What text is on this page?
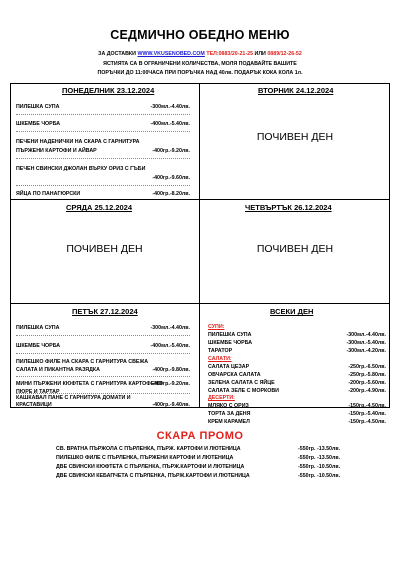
СЕДМИЧНО ОБЕДНО МЕНЮ
ЗА ДОСТАВКИ WWW.VKUSENOBED.COM ТЕЛ:0883/20-21-25 ИЛИ 0889/12-26-52
ЯСТИЯТА СА В ОГРАНИЧЕНИ КОЛИЧЕСТВА, МОЛЯ ПОДАВАЙТЕ ВАШИТЕ
ПОРЪЧКИ ДО 11:00ЧАСА ПРИ ПОРЪЧКА НАД 40лв. ПОДАРЪК КОКА КОЛА 1л.
ПОНЕДЕЛНИК 23.12.2024
ПИЛЕШКА СУПА	-300мл.-4.40лв.
ШКЕМБЕ ЧОРБА	-400мл.-5.40лв.
ПЕЧЕНИ НАДЕНИЧКИ НА СКАРА С ГАРНИТУРА
ПЪРЖЕНИ КАРТОФИ И АЙВАР	-400гр.-9.20лв.
ПЕЧЕН СВИНСКИ ДЖОЛАН ВЪРХУ ОРИЗ С ГЪБИ
-400гр.-9.60лв.
ЯЙЦА ПО ПАНАГЮРСКИ	-400гр.-8.20лв.
ВТОРНИК 24.12.2024
ПОЧИВЕН ДЕН
СРЯДА 25.12.2024
ПОЧИВЕН ДЕН
ЧЕТВЪРТЪК 26.12.2024
ПОЧИВЕН ДЕН
ПЕТЪК 27.12.2024
ПИЛЕШКА СУПА	-300мл.-4.40лв.
ШКЕМБЕ ЧОРБА	-400мл.-5.40лв.
ПИЛЕШКО ФИЛЕ НА СКАРА С ГАРНИТУРА СВЕЖА
САЛАТА И ПИКАНТНА РАЗЯДКА	-400гр.-9.80лв.
МИНИ ПЪРЖЕНИ КЮФТЕТА С ГАРНИТУРА КАРТОФЕНО
ПЮРЕ И ТАРТАР
-400гр.-9.20лв.
КАШКАВАЛ ПАНЕ С ГАРНИТУРА ДОМАТИ И
КРАСТАВИЦИ	-400гр.-9.40лв.
ВСЕКИ ДЕН
СУПИ:
ПИЛЕШКА СУПА	-300мл.-4.40лв.
ШКЕМБЕ ЧОРБА	-300мл.-5.40лв.
ТАРАТОР	-300мл.-4.20лв.
САЛАТИ:
САЛАТА ЦЕЗАР	-250гр.-6.50лв.
ОВЧАРСКА САЛАТА	-250гр.-5.80лв.
ЗЕЛЕНА САЛАТА С ЯЙЦЕ	-200гр.-5.60лв.
САЛАТА ЗЕЛЕ С МОРКОВИ	-200гр.-4.90лв.
ДЕСЕРТИ:
МЛЯКО С ОРИЗ	-150гр.-4.50лв.
ТОРТА ЗА ДЕНЯ	-150гр.-5.40лв.
КРЕМ КАРАМЕЛ	-150гр.-4.50лв.
СКАРА ПРОМО
СВ. ВРАТНА ПЪРЖОЛА С ПЪРЛЕНКА, ПЪРЖ. КАРТОФИ И ЛЮТЕНИЦА	-550гр. -13.50лв.
ПИЛЕШКО ФИЛЕ С ПЪРЛЕНКА, ПЪРЖЕНИ КАРТОФИ И ЛЮТЕНИЦА	-550гр. -13.50лв.
ДВЕ СВИНСКИ КЮФТЕТА С ПЪРЛЕНКА, ПЪРЖ.КАРТОФИ И ЛЮТЕНИЦА	-550гр. -10.50лв.
ДВЕ СВИНСКИ КЕБАПЧЕТА С ПЪРЛЕНКА, ПЪРЖ.КАРТОФИ И ЛЮТЕНИЦА	-550гр. -10.50лв.
